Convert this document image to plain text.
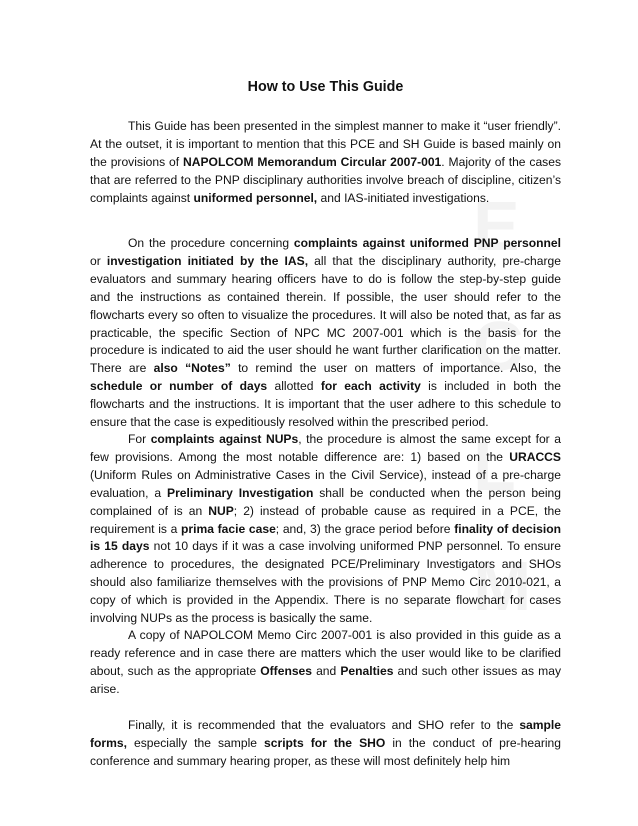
How to Use This Guide

This Guide has been presented in the simplest manner to make it “user friendly”. At the outset, it is important to mention that this PCE and SH Guide is based mainly on the provisions of NAPOLCOM Memorandum Circular 2007-001. Majority of the cases that are referred to the PNP disciplinary authorities involve breach of discipline, citizen’s complaints against uniformed personnel, and IAS-initiated investigations.

On the procedure concerning complaints against uniformed PNP personnel or investigation initiated by the IAS, all that the disciplinary authority, pre-charge evaluators and summary hearing officers have to do is follow the step-by-step guide and the instructions as contained therein. If possible, the user should refer to the flowcharts every so often to visualize the procedures. It will also be noted that, as far as practicable, the specific Section of NPC MC 2007-001 which is the basis for the procedure is indicated to aid the user should he want further clarification on the matter. There are also “Notes” to remind the user on matters of importance. Also, the schedule or number of days allotted for each activity is included in both the flowcharts and the instructions. It is important that the user adhere to this schedule to ensure that the case is expeditiously resolved within the prescribed period.

For complaints against NUPs, the procedure is almost the same except for a few provisions. Among the most notable difference are: 1) based on the URACCS (Uniform Rules on Administrative Cases in the Civil Service), instead of a pre-charge evaluation, a Preliminary Investigation shall be conducted when the person being complained of is an NUP; 2) instead of probable cause as required in a PCE, the requirement is a prima facie case; and, 3) the grace period before finality of decision is 15 days not 10 days if it was a case involving uniformed PNP personnel. To ensure adherence to procedures, the designated PCE/Preliminary Investigators and SHOs should also familiarize themselves with the provisions of PNP Memo Circ 2010-021, a copy of which is provided in the Appendix. There is no separate flowchart for cases involving NUPs as the process is basically the same.

A copy of NAPOLCOM Memo Circ 2007-001 is also provided in this guide as a ready reference and in case there are matters which the user would like to be clarified about, such as the appropriate Offenses and Penalties and such other issues as may arise.

Finally, it is recommended that the evaluators and SHO refer to the sample forms, especially the sample scripts for the SHO in the conduct of pre-hearing conference and summary hearing proper, as these will most definitely help him
